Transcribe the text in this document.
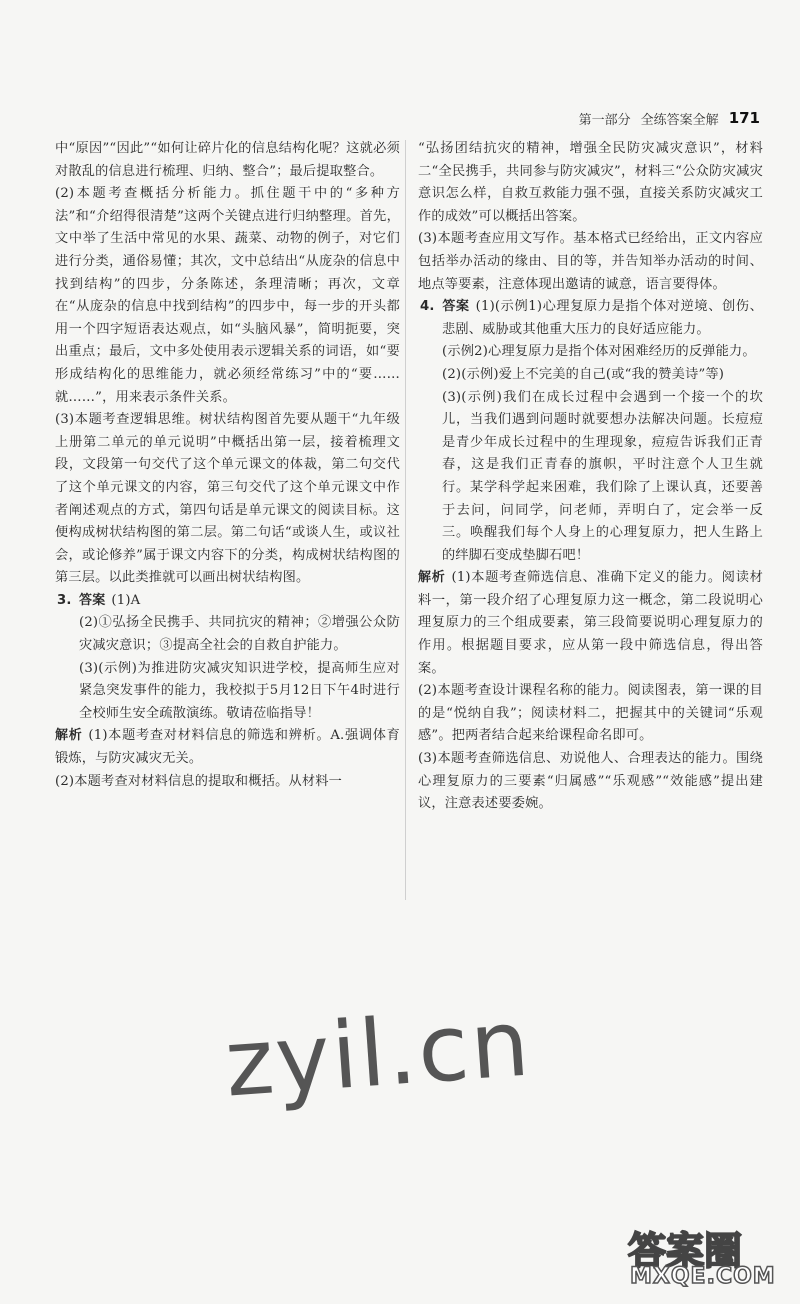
第一部分 全练答案全解 171

中“原因”“因此”“如何让碎片化的信息结构化呢？这就必须对散乱的信息进行梳理、归纳、整合”；最后提取整合。

(2)本题考查概括分析能力。抓住题干中的“多种方法”和“介绍得很清楚”这两个关键点进行归纳整理。首先，文中举了生活中常见的水果、蔬菜、动物的例子，对它们进行分类，通俗易懂；其次，文中总结出“从庞杂的信息中找到结构”的四步，分条陈述，条理清晰；再次，文章在“从庞杂的信息中找到结构”的四步中，每一步的开头都用一个四字短语表达观点，如“头脑风暴”，简明扼要，突出重点；最后，文中多处使用表示逻辑关系的词语，如“要形成结构化的思维能力，就必须经常练习”中的“要……就……”，用来表示条件关系。

(3)本题考查逻辑思维。树状结构图首先要从题干“九年级上册第二单元的单元说明”中概括出第一层，接着梳理文段，文段第一句交代了这个单元课文的体裁，第二句交代了这个单元课文的内容，第三句交代了这个单元课文中作者阐述观点的方式，第四句话是单元课文的阅读目标。这便构成树状结构图的第二层。第二句话“或谈人生，或议社会，或论修养”属于课文内容下的分类，构成树状结构图的第三层。以此类推就可以画出树状结构图。

3. 答案 (1)A

(2)①弘扬全民携手、共同抗灾的精神；②增强公众防灾减灾意识；③提高全社会的自救自护能力。

(3)(示例)为推进防灾减灾知识进学校，提高师生应对紧急突发事件的能力，我校拟于5月12日下午4时进行全校师生安全疏散演练。敬请莅临指导！

解析 (1)本题考查对材料信息的筛选和辨析。A.强调体育锻炼，与防灾减灾无关。

(2)本题考查对材料信息的提取和概括。从材料一

“弘扬团结抗灾的精神，增强全民防灾减灾意识”，材料二“全民携手，共同参与防灾减灾”，材料三“公众防灾减灾意识怎么样，自救互救能力强不强，直接关系防灾减灾工作的成效”可以概括出答案。

(3)本题考查应用文写作。基本格式已经给出，正文内容应包括举办活动的缘由、目的等，并告知举办活动的时间、地点等要素，注意体现出邀请的诚意，语言要得体。

4. 答案 (1)(示例1)心理复原力是指个体对逆境、创伤、悲剧、威胁或其他重大压力的良好适应能力。

(示例2)心理复原力是指个体对困难经历的反弹能力。

(2)(示例)爱上不完美的自己(或“我的赞美诗”等)

(3)(示例)我们在成长过程中会遇到一个接一个的坎儿，当我们遇到问题时就要想办法解决问题。长痘痘是青少年成长过程中的生理现象，痘痘告诉我们正青春，这是我们正青春的旗帜，平时注意个人卫生就行。某学科学起来困难，我们除了上课认真，还要善于去问，问同学，问老师，弄明白了，定会举一反三。唤醒我们每个人身上的心理复原力，把人生路上的绊脚石变成垫脚石吧！

解析 (1)本题考查筛选信息、准确下定义的能力。阅读材料一，第一段介绍了心理复原力这一概念，第二段说明心理复原力的三个组成要素，第三段简要说明心理复原力的作用。根据题目要求，应从第一段中筛选信息，得出答案。

(2)本题考查设计课程名称的能力。阅读图表，第一课的目的是“悦纳自我”；阅读材料二，把握其中的关键词“乐观感”。把两者结合起来给课程命名即可。

(3)本题考查筛选信息、劝说他人、合理表达的能力。围绕心理复原力的三要素“归属感”“乐观感”“效能感”提出建议，注意表述要委婉。

zyil.cn
答案圈
MXQE.COM
